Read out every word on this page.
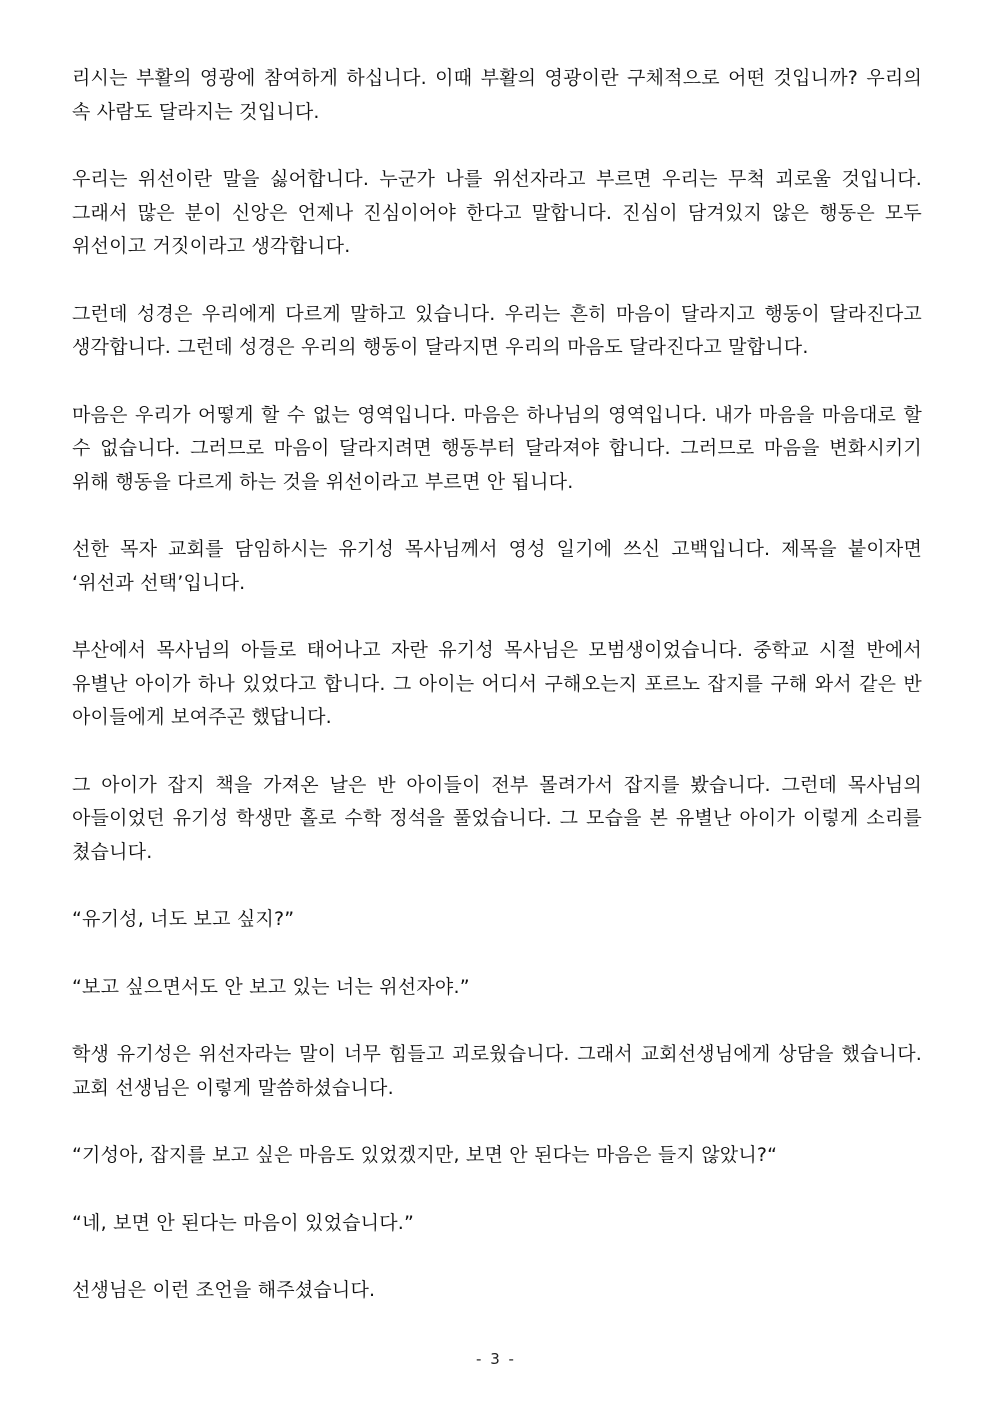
리시는 부활의 영광에 참여하게 하십니다. 이때 부활의 영광이란 구체적으로 어떤 것입니까? 우리의 속 사람도 달라지는 것입니다.

우리는 위선이란 말을 싫어합니다. 누군가 나를 위선자라고 부르면 우리는 무척 괴로울 것입니다. 그래서 많은 분이 신앙은 언제나 진심이어야 한다고 말합니다. 진심이 담겨있지 않은 행동은 모두 위선이고 거짓이라고 생각합니다.

그런데 성경은 우리에게 다르게 말하고 있습니다. 우리는 흔히 마음이 달라지고 행동이 달라진다고 생각합니다. 그런데 성경은 우리의 행동이 달라지면 우리의 마음도 달라진다고 말합니다.

마음은 우리가 어떻게 할 수 없는 영역입니다. 마음은 하나님의 영역입니다. 내가 마음을 마음대로 할 수 없습니다. 그러므로 마음이 달라지려면 행동부터 달라져야 합니다. 그러므로 마음을 변화시키기 위해 행동을 다르게 하는 것을 위선이라고 부르면 안 됩니다.

선한 목자 교회를 담임하시는 유기성 목사님께서 영성 일기에 쓰신 고백입니다. 제목을 붙이자면 ‘위선과 선택’입니다.

부산에서 목사님의 아들로 태어나고 자란 유기성 목사님은 모범생이었습니다. 중학교 시절 반에서 유별난 아이가 하나 있었다고 합니다. 그 아이는 어디서 구해오는지 포르노 잡지를 구해 와서 같은 반 아이들에게 보여주곤 했답니다.

그 아이가 잡지 책을 가져온 날은 반 아이들이 전부 몰려가서 잡지를 봤습니다. 그런데 목사님의 아들이었던 유기성 학생만 홀로 수학 정석을 풀었습니다. 그 모습을 본 유별난 아이가 이렇게 소리를 쳤습니다.

“유기성, 너도 보고 싶지?”

“보고 싶으면서도 안 보고 있는 너는 위선자야.”

학생 유기성은 위선자라는 말이 너무 힘들고 괴로웠습니다. 그래서 교회선생님에게 상담을 했습니다. 교회 선생님은 이렇게 말씀하셨습니다.

“기성아, 잡지를 보고 싶은 마음도 있었겠지만, 보면 안 된다는 마음은 들지 않았니?“

“네, 보면 안 된다는 마음이 있었습니다.”

선생님은 이런 조언을 해주셨습니다.

- 3 -
